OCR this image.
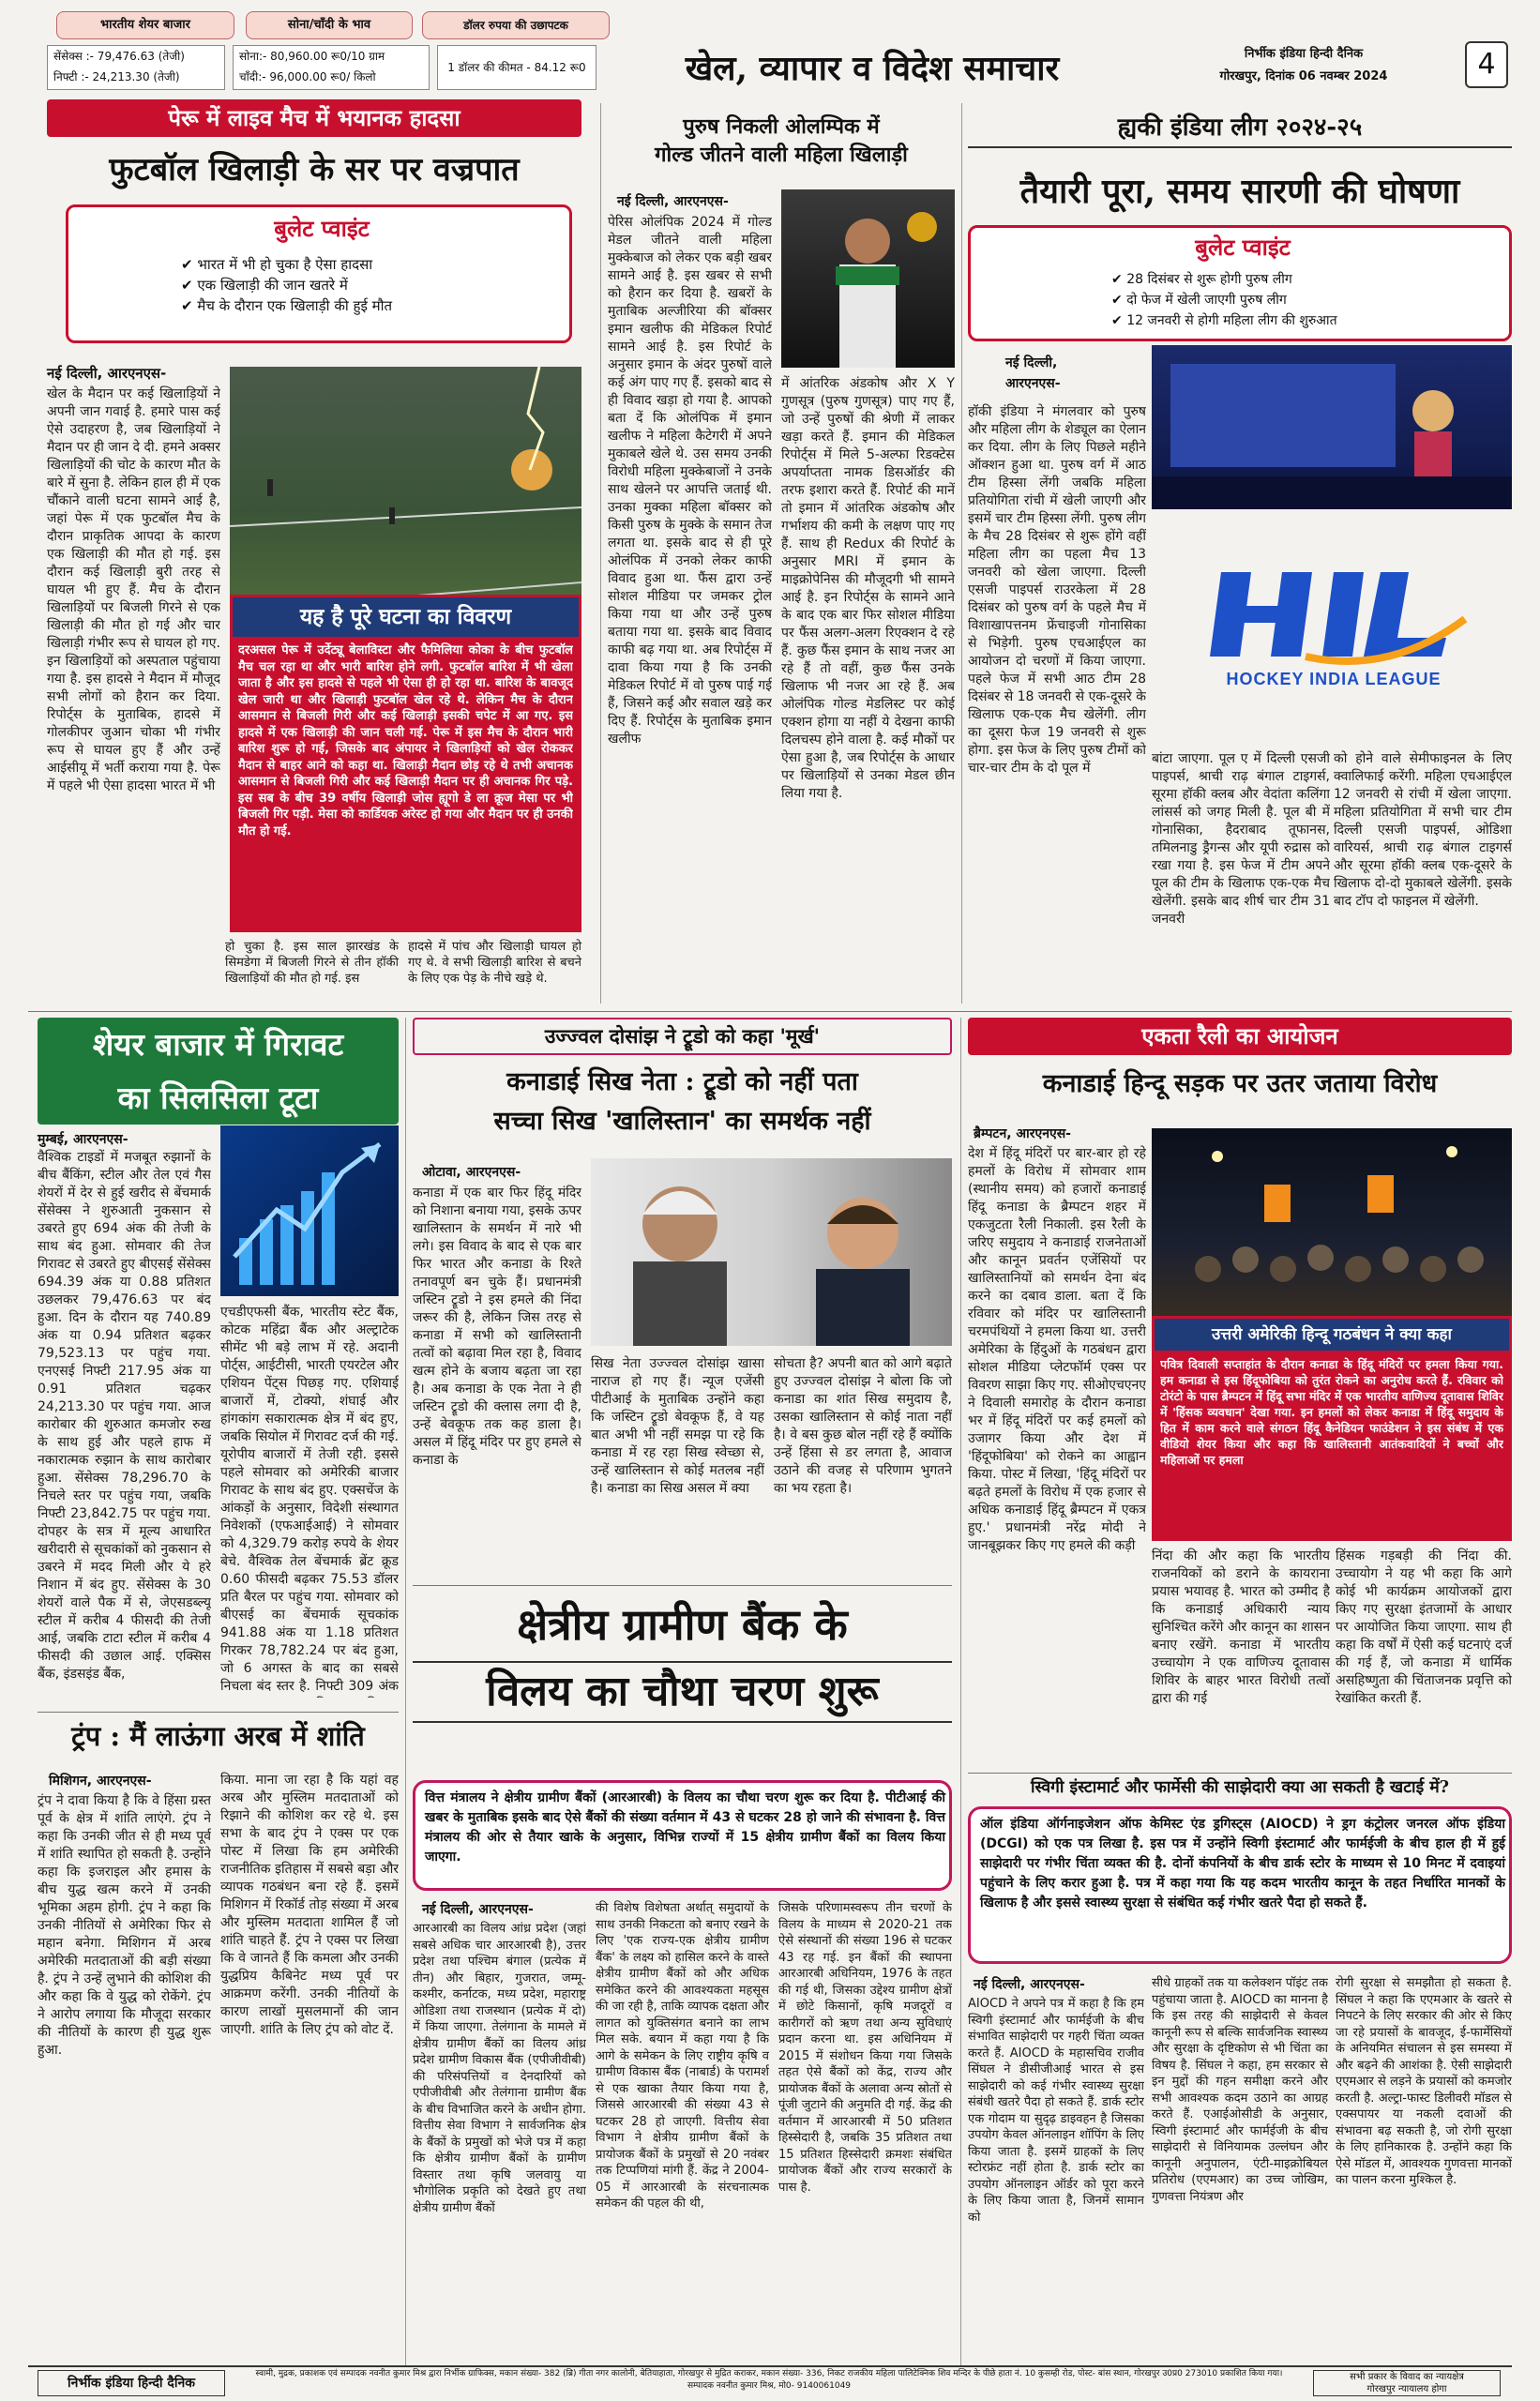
भारतीय शेयर बाजार	सोना/चाँदी के भाव	डॉलर रुपया की उछापटक
सेंसेक्स :- 79,476.63 (तेजी)
निफ्टी :- 24,213.30 (तेजी)
सोना:- 80,960.00 रू0/10 ग्राम
चाँदी:- 96,000.00 रू0/ किलो
1 डॉलर की कीमत - 84.12 रू0	खेल, व्यापार व विदेश समाचार	निर्भीक इंडिया हिन्दी दैनिक
गोरखपुर, दिनांक 06 नवम्बर 2024	4
पेरू में लाइव मैच में भयानक हादसा
फुटबॉल खिलाड़ी के सर पर वज्रपात
बुलेट प्वाइंट
✔ भारत में भी हो चुका है ऐसा हादसा
✔ एक खिलाड़ी की जान खतरे में
✔ मैच के दौरान एक खिलाड़ी की हुई मौत
नई दिल्ली, आरएनएस-
खेल के मैदान पर कई खिलाड़ियों ने अपनी जान गवाई है. हमारे पास कई ऐसे उदाहरण है, जब खिलाड़ियों ने मैदान पर ही जान दे दी. हमने अक्सर खिलाड़ियों की चोट के कारण मौत के बारे में सुना है. लेकिन हाल ही में एक चौंकाने वाली घटना सामने आई है, जहां पेरू में एक फुटबॉल मैच के दौरान प्राकृतिक आपदा के कारण एक खिलाड़ी की मौत हो गई. इस दौरान कई खिलाड़ी बुरी तरह से घायल भी हुए हैं. मैच के दौरान खिलाड़ियों पर बिजली गिरने से एक खिलाड़ी की मौत हो गई और चार खिलाड़ी गंभीर रूप से घायल हो गए. इन खिलाड़ियों को अस्पताल पहुंचाया गया है. इस हादसे ने मैदान में मौजूद सभी लोगों को हैरान कर दिया. रिपोर्ट्स के मुताबिक, हादसे में गोलकीपर जुआन चोका भी गंभीर रूप से घायल हुए हैं और उन्हें आईसीयू में भर्ती कराया गया है. पेरू में पहले भी ऐसा हादसा भारत में भी
यह है पूरे घटना का विवरण
दरअसल पेरू में उर्देट्यू बेलाविस्टा और फैमिलिया कोका के बीच फुटबॉल मैच चल रहा था और भारी बारिश होने लगी. फुटबॉल बारिश में भी खेला जाता है और इस हादसे से पहले भी ऐसा ही हो रहा था. बारिश के बावजूद खेल जारी था और खिलाड़ी फुटबॉल खेल रहे थे. लेकिन मैच के दौरान आसमान से बिजली गिरी और कई खिलाड़ी इसकी चपेट में आ गए. इस हादसे में एक खिलाड़ी की जान चली गई. पेरू में इस मैच के दौरान भारी बारिश शुरू हो गई, जिसके बाद अंपायर ने खिलाड़ियों को खेल रोककर मैदान से बाहर आने को कहा था. खिलाड़ी मैदान छोड़ रहे थे तभी अचानक आसमान से बिजली गिरी और कई खिलाड़ी मैदान पर ही अचानक गिर पड़े. इस सब के बीच 39 वर्षीय खिलाड़ी जोस ह्यूगो डे ला क्रूज मेसा पर भी बिजली गिर पड़ी. मेसा को कार्डियक अरेस्ट हो गया और मैदान पर ही उनकी मौत हो गई.
हो चुका है. इस साल झारखंड के सिमडेगा में बिजली गिरने से तीन हॉकी खिलाड़ियों की मौत हो गई. इस
हादसे में पांच और खिलाड़ी घायल हो गए थे. वे सभी खिलाड़ी बारिश से बचने के लिए एक पेड़ के नीचे खड़े थे.
पुरुष निकली ओलम्पिक में
गोल्ड जीतने वाली महिला खिलाड़ी
नई दिल्ली, आरएनएस-
पेरिस ओलंपिक 2024 में गोल्ड मेडल जीतने वाली महिला मुक्केबाज को लेकर एक बड़ी खबर सामने आई है. इस खबर से सभी को हैरान कर दिया है. खबरों के मुताबिक अल्जीरिया की बॉक्सर इमान खलीफ की मेडिकल रिपोर्ट सामने आई है. इस रिपोर्ट के अनुसार इमान के अंदर पुरुषों वाले कई अंग पाए गए हैं. इसको बाद से ही विवाद खड़ा हो गया है. आपको बता दें कि ओलंपिक में इमान खलीफ ने महिला कैटेगरी में अपने मुकाबले खेले थे. उस समय उनकी विरोधी महिला मुक्केबाजों ने उनके साथ खेलने पर आपत्ति जताई थी. उनका मुक्का महिला बॉक्सर को किसी पुरुष के मुक्के के समान तेज लगता था. इसके बाद से ही पूरे ओलंपिक में उनको लेकर काफी विवाद हुआ था. फैंस द्वारा उन्हें सोशल मीडिया पर जमकर ट्रोल किया गया था और उन्हें पुरुष बताया गया था. इसके बाद विवाद काफी बढ़ गया था. अब रिपोर्ट्स में दावा किया गया है कि उनकी मेडिकल रिपोर्ट में वो पुरुष पाई गई हैं, जिसने कई और सवाल खड़े कर दिए हैं. रिपोर्ट्स के मुताबिक इमान खलीफ
में आंतरिक अंडकोष और X Y गुणसूत्र (पुरुष गुणसूत्र) पाए गए हैं, जो उन्हें पुरुषों की श्रेणी में लाकर खड़ा करते हैं. इमान की मेडिकल रिपोर्ट्स में मिले 5-अल्फा रिडक्टेस अपर्याप्तता नामक डिसऑर्डर की तरफ इशारा करते हैं. रिपोर्ट की मानें तो इमान में आंतरिक अंडकोष और गर्भाशय की कमी के लक्षण पाए गए हैं. साथ ही Redux की रिपोर्ट के अनुसार MRI में इमान के माइक्रोपेनिस की मौजूदगी भी सामने आई है. इन रिपोर्ट्स के सामने आने के बाद एक बार फिर सोशल मीडिया पर फैंस अलग-अलग रिएक्शन दे रहे हैं. कुछ फैंस इमान के साथ नजर आ रहे हैं तो वहीं, कुछ फैंस उनके खिलाफ भी नजर आ रहे हैं. अब ओलंपिक गोल्ड मेडलिस्ट पर कोई एक्शन होगा या नहीं ये देखना काफी दिलचस्प होने वाला है. कई मौकों पर ऐसा हुआ है, जब रिपोर्ट्स के आधार पर खिलाड़ियों से उनका मेडल छीन लिया गया है.
ह्यकी इंडिया लीग २०२४-२५
तैयारी पूरा, समय सारणी की घोषणा
बुलेट प्वाइंट
✔ 28 दिसंबर से शुरू होगी पुरुष लीग
✔ दो फेज में खेली जाएगी पुरुष लीग
✔ 12 जनवरी से होगी महिला लीग की शुरुआत
नई दिल्ली,
आरएनएस-
हॉकी इंडिया ने मंगलवार को पुरुष और महिला लीग के शेड्यूल का ऐलान कर दिया. लीग के लिए पिछले महीने ऑक्शन हुआ था. पुरुष वर्ग में आठ टीम हिस्सा लेंगी जबकि महिला प्रतियोगिता रांची में खेली जाएगी और इसमें चार टीम हिस्सा लेंगी. पुरुष लीग के मैच 28 दिसंबर से शुरू होंगे वहीं महिला लीग का पहला मैच 13 जनवरी को खेला जाएगा. दिल्ली एसजी पाइपर्स राउरकेला में 28 दिसंबर को पुरुष वर्ग के पहले मैच में विशाखापत्तनम फ्रेंचाइजी गोनासिका से भिड़ेगी. पुरुष एचआईएल का आयोजन दो चरणों में किया जाएगा. पहले फेज में सभी आठ टीम 28 दिसंबर से 18 जनवरी से एक-दूसरे के खिलाफ एक-एक मैच खेलेंगी. लीग का दूसरा फेज 19 जनवरी से शुरू होगा. इस फेज के लिए पुरुष टीमों को चार-चार टीम के दो पूल में
HOCKEY INDIA LEAGUE
बांटा जाएगा. पूल ए में दिल्ली एसजी पाइपर्स, श्राची राढ़ बंगाल टाइगर्स, सूरमा हॉकी क्लब और वेदांता कलिंगा लांसर्स को जगह मिली है. पूल बी में गोनासिका, हैदराबाद तूफानस, तमिलनाडु ड्रैगन्स और यूपी रुद्रास को रखा गया है. इस फेज में टीम अपने पूल की टीम के खिलाफ एक-एक मैच खेलेंगी. इसके बाद शीर्ष चार टीम 31 जनवरी
को होने वाले सेमीफाइनल के लिए क्वालिफाई करेंगी. महिला एचआईएल 12 जनवरी से रांची में खेला जाएगा. महिला प्रतियोगिता में सभी चार टीम दिल्ली एसजी पाइपर्स, ओडिशा वारियर्स, श्राची राढ़ बंगाल टाइगर्स और सूरमा हॉकी क्लब एक-दूसरे के खिलाफ दो-दो मुकाबले खेलेंगी. इसके बाद टॉप दो फाइनल में खेलेंगी.
शेयर बाजार में गिरावट
का सिलसिला टूटा
मुम्बई, आरएनएस-
वैश्विक टाइडों में मजबूत रुझानों के बीच बैंकिंग, स्टील और तेल एवं गैस शेयरों में देर से हुई खरीद से बेंचमार्क सेंसेक्स ने शुरुआती नुकसान से उबरते हुए 694 अंक की तेजी के साथ बंद हुआ. सोमवार की तेज गिरावट से उबरते हुए बीएसई सेंसेक्स 694.39 अंक या 0.88 प्रतिशत उछलकर 79,476.63 पर बंद हुआ. दिन के दौरान यह 740.89 अंक या 0.94 प्रतिशत बढ़कर 79,523.13 पर पहुंच गया. एनएसई निफ्टी 217.95 अंक या 0.91 प्रतिशत चढ़कर 24,213.30 पर पहुंच गया. आज कारोबार की शुरुआत कमजोर रुख के साथ हुई और पहले हाफ में नकारात्मक रुझान के साथ कारोबार हुआ. सेंसेक्स 78,296.70 के निचले स्तर पर पहुंच गया, जबकि निफ्टी 23,842.75 पर पहुंच गया. दोपहर के सत्र में मूल्य आधारित खरीदारी से सूचकांकों को नुकसान से उबरने में मदद मिली और ये हरे निशान में बंद हुए. सेंसेक्स के 30 शेयरों वाले पैक में से, जेएसडब्ल्यू स्टील में करीब 4 फीसदी की तेजी आई, जबकि टाटा स्टील में करीब 4 फीसदी की उछाल आई. एक्सिस बैंक, इंडसइंड बैंक,
एचडीएफसी बैंक, भारतीय स्टेट बैंक, कोटक महिंद्रा बैंक और अल्ट्राटेक सीमेंट भी बड़े लाभ में रहे. अदानी पोर्ट्स, आईटीसी, भारती एयरटेल और एशियन पेंट्स पिछड़ गए. एशियाई बाजारों में, टोक्यो, शंघाई और हांगकांग सकारात्मक क्षेत्र में बंद हुए, जबकि सियोल में गिरावट दर्ज की गई. यूरोपीय बाजारों में तेजी रही. इससे पहले सोमवार को अमेरिकी बाजार गिरावट के साथ बंद हुए. एक्सचेंज के आंकड़ों के अनुसार, विदेशी संस्थागत निवेशकों (एफआईआई) ने सोमवार को 4,329.79 करोड़ रुपये के शेयर बेचे. वैश्विक तेल बेंचमार्क ब्रेंट क्रूड 0.60 फीसदी बढ़कर 75.53 डॉलर प्रति बैरल पर पहुंच गया. सोमवार को बीएसई का बेंचमार्क सूचकांक 941.88 अंक या 1.18 प्रतिशत गिरकर 78,782.24 पर बंद हुआ, जो 6 अगस्त के बाद का सबसे निचला बंद स्तर है. निफ्टी 309 अंक
ट्रंप : मैं लाऊंगा अरब में शांति
मिशिगन, आरएनएस-
ट्रंप ने दावा किया है कि वे हिंसा ग्रस्त पूर्व के क्षेत्र में शांति लाएंगे. ट्रंप ने कहा कि उनकी जीत से ही मध्य पूर्व में शांति स्थापित हो सकती है. उन्होंने कहा कि इजराइल और हमास के बीच युद्ध खत्म करने में उनकी भूमिका अहम होगी. ट्रंप ने कहा कि उनकी नीतियों से अमेरिका फिर से महान बनेगा. मिशिगन में अरब अमेरिकी मतदाताओं की बड़ी संख्या है. ट्रंप ने उन्हें लुभाने की कोशिश की और कहा कि वे युद्ध को रोकेंगे. ट्रंप ने आरोप लगाया कि मौजूदा सरकार की नीतियों के कारण ही युद्ध शुरू हुआ.
किया. माना जा रहा है कि यहां वह अरब और मुस्लिम मतदाताओं को रिझाने की कोशिश कर रहे थे. इस सभा के बाद ट्रंप ने एक्स पर एक पोस्ट में लिखा कि हम अमेरिकी राजनीतिक इतिहास में सबसे बड़ा और व्यापक गठबंधन बना रहे हैं. इसमें मिशिगन में रिकॉर्ड तोड़ संख्या में अरब और मुस्लिम मतदाता शामिल हैं जो शांति चाहते हैं. ट्रंप ने एक्स पर लिखा कि वे जानते हैं कि कमला और उनकी युद्धप्रिय कैबिनेट मध्य पूर्व पर आक्रमण करेंगी. उनकी नीतियों के कारण लाखों मुसलमानों की जान जाएगी. शांति के लिए ट्रंप को वोट दें.
उज्ज्वल दोसांझ ने ट्रूडो को कहा 'मूर्ख'
कनाडाई सिख नेता : ट्रूडो को नहीं पता
सच्चा सिख 'खालिस्तान' का समर्थक नहीं
ओटावा, आरएनएस-
कनाडा में एक बार फिर हिंदू मंदिर को निशाना बनाया गया, इसके ऊपर खालिस्तान के समर्थन में नारे भी लगे। इस विवाद के बाद से एक बार फिर भारत और कनाडा के रिश्ते तनावपूर्ण बन चुके हैं। प्रधानमंत्री जस्टिन ट्रूडो ने इस हमले की निंदा जरूर की है, लेकिन जिस तरह से कनाडा में सभी को खालिस्तानी तत्वों को बढ़ावा मिल रहा है, विवाद खत्म होने के बजाय बढ़ता जा रहा है। अब कनाडा के एक नेता ने ही जस्टिन ट्रूडो की क्लास लगा दी है, उन्हें बेवकूफ तक कह डाला है। असल में हिंदू मंदिर पर हुए हमले से कनाडा के
सिख नेता उज्ज्वल दोसांझ खासा नाराज हो गए हैं। न्यूज एजेंसी पीटीआई के मुताबिक उन्होंने कहा कि जस्टिन ट्रूडो बेवकूफ हैं, वे यह बात अभी भी नहीं समझ पा रहे कि कनाडा में रह रहा सिख स्वेच्छा से, उन्हें खालिस्तान से कोई मतलब नहीं है। कनाडा का सिख असल में क्या
सोचता है? अपनी बात को आगे बढ़ाते हुए उज्ज्वल दोसांझ ने बोला कि जो कनाडा का शांत सिख समुदाय है, उसका खालिस्तान से कोई नाता नहीं है। वे बस कुछ बोल नहीं रहे हैं क्योंकि उन्हें हिंसा से डर लगता है, आवाज उठाने की वजह से परिणाम भुगतने का भय रहता है।
क्षेत्रीय ग्रामीण बैंक के
विलय का चौथा चरण शुरू
वित्त मंत्रालय ने क्षेत्रीय ग्रामीण बैंकों (आरआरबी) के विलय का चौथा चरण शुरू कर दिया है. पीटीआई की खबर के मुताबिक इसके बाद ऐसे बैंकों की संख्या वर्तमान में 43 से घटकर 28 हो जाने की संभावना है. वित्त मंत्रालय की ओर से तैयार खाके के अनुसार, विभिन्न राज्यों में 15 क्षेत्रीय ग्रामीण बैंकों का विलय किया जाएगा.
नई दिल्ली, आरएनएस-
आरआरबी का विलय आंध्र प्रदेश (जहां सबसे अधिक चार आरआरबी है), उत्तर प्रदेश तथा पश्चिम बंगाल (प्रत्येक में तीन) और बिहार, गुजरात, जम्मू-कश्मीर, कर्नाटक, मध्य प्रदेश, महाराष्ट्र ओडिशा तथा राजस्थान (प्रत्येक में दो) में किया जाएगा. तेलंगाना के मामले में क्षेत्रीय ग्रामीण बैंकों का विलय आंध्र प्रदेश ग्रामीण विकास बैंक (एपीजीवीबी) की परिसंपत्तियों व देनदारियों को एपीजीवीबी और तेलंगाना ग्रामीण बैंक के बीच विभाजित करने के अधीन होगा. वित्तीय सेवा विभाग ने सार्वजनिक क्षेत्र के बैंकों के प्रमुखों को भेजे पत्र में कहा कि क्षेत्रीय ग्रामीण बैंकों के ग्रामीण विस्तार तथा कृषि जलवायु या भौगोलिक प्रकृति को देखते हुए तथा क्षेत्रीय ग्रामीण बैंकों
की विशेष विशेषता अर्थात् समुदायों के साथ उनकी निकटता को बनाए रखने के लिए 'एक राज्य-एक क्षेत्रीय ग्रामीण बैंक' के लक्ष्य को हासिल करने के वास्ते क्षेत्रीय ग्रामीण बैंकों को और अधिक समेकित करने की आवश्यकता महसूस की जा रही है, ताकि व्यापक दक्षता और लागत को युक्तिसंगत बनाने का लाभ मिल सके. बयान में कहा गया है कि आगे के समेकन के लिए राष्ट्रीय कृषि व ग्रामीण विकास बैंक (नाबार्ड) के परामर्श से एक खाका तैयार किया गया है, जिससे आरआरबी की संख्या 43 से घटकर 28 हो जाएगी. वित्तीय सेवा विभाग ने क्षेत्रीय ग्रामीण बैंकों के प्रायोजक बैंकों के प्रमुखों से 20 नवंबर तक टिप्पणियां मांगी हैं. केंद्र ने 2004-05 में आरआरबी के संरचनात्मक समेकन की पहल की थी,
जिसके परिणामस्वरूप तीन चरणों के विलय के माध्यम से 2020-21 तक ऐसे संस्थानों की संख्या 196 से घटकर 43 रह गई. इन बैंकों की स्थापना आरआरबी अधिनियम, 1976 के तहत की गई थी, जिसका उद्देश्य ग्रामीण क्षेत्रों में छोटे किसानों, कृषि मजदूरों व कारीगरों को ऋण तथा अन्य सुविधाएं प्रदान करना था. इस अधिनियम में 2015 में संशोधन किया गया जिसके तहत ऐसे बैंकों को केंद्र, राज्य और प्रायोजक बैंकों के अलावा अन्य स्रोतों से पूंजी जुटाने की अनुमति दी गई. केंद्र की वर्तमान में आरआरबी में 50 प्रतिशत हिस्सेदारी है, जबकि 35 प्रतिशत तथा 15 प्रतिशत हिस्सेदारी क्रमशः संबंधित प्रायोजक बैंकों और राज्य सरकारों के पास है.
एकता रैली का आयोजन
कनाडाई हिन्दू सड़क पर उतर जताया विरोध
ब्रैम्पटन, आरएनएस-
देश में हिंदू मंदिरों पर बार-बार हो रहे हमलों के विरोध में सोमवार शाम (स्थानीय समय) को हजारों कनाडाई हिंदू कनाडा के ब्रैम्पटन शहर में एकजुटता रैली निकाली. इस रैली के जरिए समुदाय ने कनाडाई राजनेताओं और कानून प्रवर्तन एजेंसियों पर खालिस्तानियों को समर्थन देना बंद करने का दबाव डाला. बता दें कि रविवार को मंदिर पर खालिस्तानी चरमपंथियों ने हमला किया था. उत्तरी अमेरिका के हिंदुओं के गठबंधन द्वारा सोशल मीडिया प्लेटफॉर्म एक्स पर विवरण साझा किए गए. सीओएचएनए ने दिवाली समारोह के दौरान कनाडा भर में हिंदू मंदिरों पर कई हमलों को उजागर किया और देश में 'हिंदूफोबिया' को रोकने का आह्वान किया. पोस्ट में लिखा, 'हिंदू मंदिरों पर बढ़ते हमलों के विरोध में एक हजार से अधिक कनाडाई हिंदू ब्रैम्पटन में एकत्र हुए.' प्रधानमंत्री नरेंद्र मोदी ने जानबूझकर किए गए हमले की कड़ी
उत्तरी अमेरिकी हिन्दू गठबंधन ने क्या कहा
पवित्र दिवाली सप्ताहांत के दौरान कनाडा के हिंदू मंदिरों पर हमला किया गया. हम कनाडा से इस हिंदूफोबिया को तुरंत रोकने का अनुरोध करते हैं. रविवार को टोरंटो के पास ब्रैम्पटन में हिंदू सभा मंदिर में एक भारतीय वाणिज्य दूतावास शिविर में 'हिंसक व्यवधान' देखा गया. इन हमलों को लेकर कनाडा में हिंदू समुदाय के हित में काम करने वाले संगठन हिंदू कैनेडियन फाउंडेशन ने इस संबंध में एक वीडियो शेयर किया और कहा कि खालिस्तानी आतंकवादियों ने बच्चों और महिलाओं पर हमला
निंदा की और कहा कि भारतीय राजनयिकों को डराने के कायराना प्रयास भयावह है. भारत को उम्मीद है कि कनाडाई अधिकारी न्याय सुनिश्चित करेंगे और कानून का शासन बनाए रखेंगे. कनाडा में भारतीय उच्चायोग ने एक वाणिज्य दूतावास शिविर के बाहर भारत विरोधी तत्वों द्वारा की गई
हिंसक गड़बड़ी की निंदा की. उच्चायोग ने यह भी कहा कि आगे कोई भी कार्यक्रम आयोजकों द्वारा किए गए सुरक्षा इंतजामों के आधार पर आयोजित किया जाएगा. साथ ही कहा कि वर्षों में ऐसी कई घटनाएं दर्ज की गई हैं, जो कनाडा में धार्मिक असहिष्णुता की चिंताजनक प्रवृत्ति को रेखांकित करती हैं.
स्विगी इंस्टामार्ट और फार्मेसी की साझेदारी क्या आ सकती है खटाई में?
ऑल इंडिया ऑर्गनाइजेशन ऑफ केमिस्ट एंड ड्रगिस्ट्स (AIOCD) ने ड्रग कंट्रोलर जनरल ऑफ इंडिया (DCGI) को एक पत्र लिखा है. इस पत्र में उन्होंने स्विगी इंस्टामार्ट और फार्मईजी के बीच हाल ही में हुई साझेदारी पर गंभीर चिंता व्यक्त की है. दोनों कंपनियों के बीच डार्क स्टोर के माध्यम से 10 मिनट में दवाइयां पहुंचाने के लिए करार हुआ है. पत्र में कहा गया कि यह कदम भारतीय कानून के तहत निर्धारित मानकों के खिलाफ है और इससे स्वास्थ्य सुरक्षा से संबंधित कई गंभीर खतरे पैदा हो सकते हैं.
नई दिल्ली, आरएनएस-
AIOCD ने अपने पत्र में कहा है कि हम स्विगी इंस्टामार्ट और फार्मईजी के बीच संभावित साझेदारी पर गहरी चिंता व्यक्त करते हैं. AIOCD के महासचिव राजीव सिंघल ने डीसीजीआई भारत से इस साझेदारी को कई गंभीर स्वास्थ्य सुरक्षा संबंधी खतरे पैदा हो सकते हैं. डार्क स्टोर एक गोदाम या सुदृढ़ डाइवहन है जिसका उपयोग केवल ऑनलाइन शॉपिंग के लिए किया जाता है. इसमें ग्राहकों के लिए स्टोरफ्रंट नहीं होता है. डार्क स्टोर का उपयोग ऑनलाइन ऑर्डर को पूरा करने के लिए किया जाता है, जिनमें सामान को
सीधे ग्राहकों तक या कलेक्शन पॉइंट तक पहुंचाया जाता है. AIOCD का मानना है कि इस तरह की साझेदारी से केवल कानूनी रूप से बल्कि सार्वजनिक स्वास्थ्य और सुरक्षा के दृष्टिकोण से भी चिंता का विषय है. सिंघल ने कहा, हम सरकार से इन मुद्दों की गहन समीक्षा करने और सभी आवश्यक कदम उठाने का आग्रह करते हैं. एआईओसीडी के अनुसार, स्विगी इंस्टामार्ट और फार्मईजी के बीच साझेदारी से विनियामक उल्लंघन और कानूनी अनुपालन, एंटी-माइक्रोबियल प्रतिरोध (एएमआर) का उच्च जोखिम, गुणवत्ता नियंत्रण और
रोगी सुरक्षा से समझौता हो सकता है. सिंघल ने कहा कि एएमआर के खतरे से निपटने के लिए सरकार की ओर से किए जा रहे प्रयासों के बावजूद, ई-फार्मेसियों के अनियमित संचालन से इस समस्या में और बढ़ने की आशंका है. ऐसी साझेदारी एएमआर से लड़ने के प्रयासों को कमजोर करती है. अल्ट्रा-फास्ट डिलीवरी मॉडल से एक्सपायर या नकली दवाओं की संभावना बढ़ सकती है, जो रोगी सुरक्षा के लिए हानिकारक है. उन्होंने कहा कि ऐसे मॉडल में, आवश्यक गुणवत्ता मानकों का पालन करना मुश्किल है.
निर्भीक इंडिया हिन्दी दैनिक
स्वामी, मुद्रक, प्रकाशक एवं सम्पादक नवनीत कुमार मिश्र द्वारा निर्भीक ग्राफिक्स, मकान संख्या- 382 (ब्रि) गीता नगर कालोनी, बेतियाहाता, गोरखपुर से मुद्रित कराकर, मकान संख्या- 336, निकट राजकीय महिला पालिटेक्निक शिव मन्दिर के पीछे हाता नं. 10 कुसम्ही रोड, पोस्ट- बांस स्थान, गोरखपुर उ0प्र0 273010 प्रकाशित किया गया।
सम्पादक नवनीत कुमार मिश्र, मो0- 9140061049
सभी प्रकार के विवाद का न्यायक्षेत्र
गोरखपुर न्यायालय होगा
